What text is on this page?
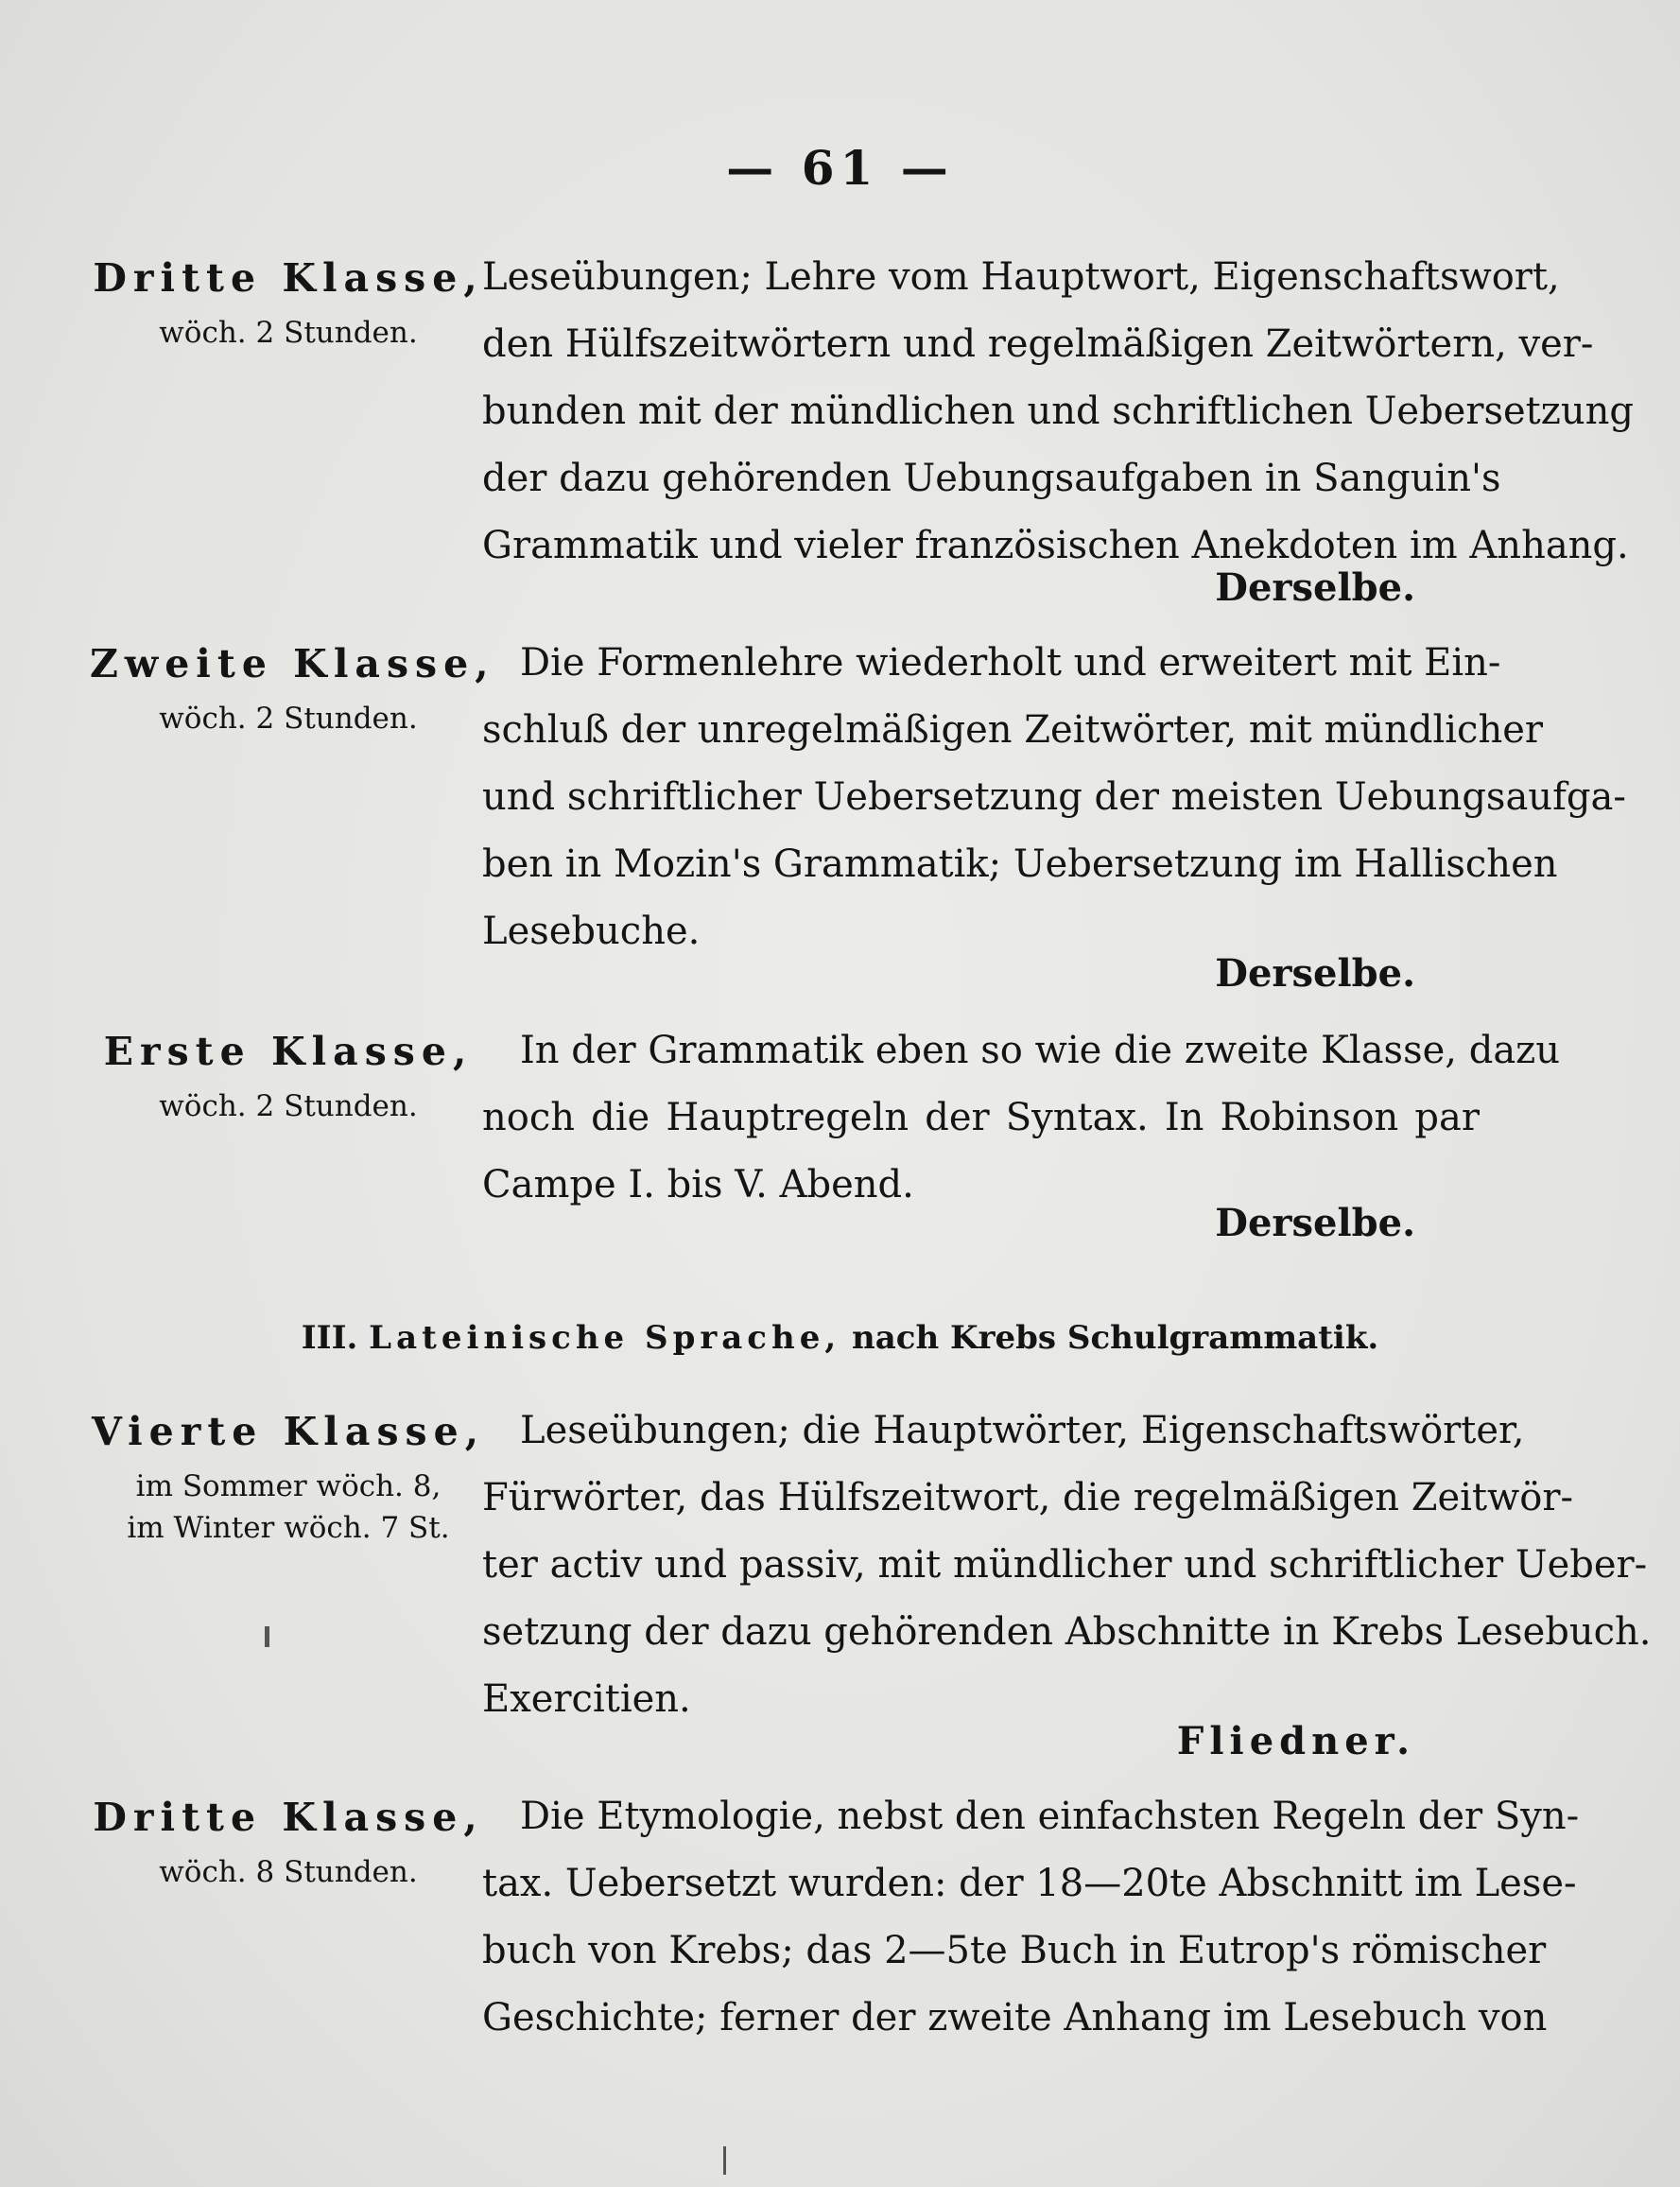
— 61 —
Dritte Klasse,
wöch. 2 Stunden.
Leseübungen; Lehre vom Hauptwort, Eigenschaftswort,
den Hülfszeitwörtern und regelmäßigen Zeitwörtern, ver-
bunden mit der mündlichen und schriftlichen Uebersetzung
der dazu gehörenden Uebungsaufgaben in Sanguin's
Grammatik und vieler französischen Anekdoten im Anhang.
Derselbe.
Zweite Klasse,
wöch. 2 Stunden.
Die Formenlehre wiederholt und erweitert mit Ein-
schluß der unregelmäßigen Zeitwörter, mit mündlicher
und schriftlicher Uebersetzung der meisten Uebungsaufga-
ben in Mozin's Grammatik; Uebersetzung im Hallischen
Lesebuche.
Derselbe.
Erste Klasse,
wöch. 2 Stunden.
In der Grammatik eben so wie die zweite Klasse, dazu
noch die Hauptregeln der Syntax. In Robinson par
Campe I. bis V. Abend.
Derselbe.
III. Lateinische Sprache, nach Krebs Schulgrammatik.
Vierte Klasse,
im Sommer wöch. 8,
im Winter wöch. 7 St.
Leseübungen; die Hauptwörter, Eigenschaftswörter,
Fürwörter, das Hülfszeitwort, die regelmäßigen Zeitwör-
ter activ und passiv, mit mündlicher und schriftlicher Ueber-
setzung der dazu gehörenden Abschnitte in Krebs Lesebuch.
Exercitien.
Fliedner.
Dritte Klasse,
wöch. 8 Stunden.
Die Etymologie, nebst den einfachsten Regeln der Syn-
tax. Uebersetzt wurden: der 18—20te Abschnitt im Lese-
buch von Krebs; das 2—5te Buch in Eutrop's römischer
Geschichte; ferner der zweite Anhang im Lesebuch von
